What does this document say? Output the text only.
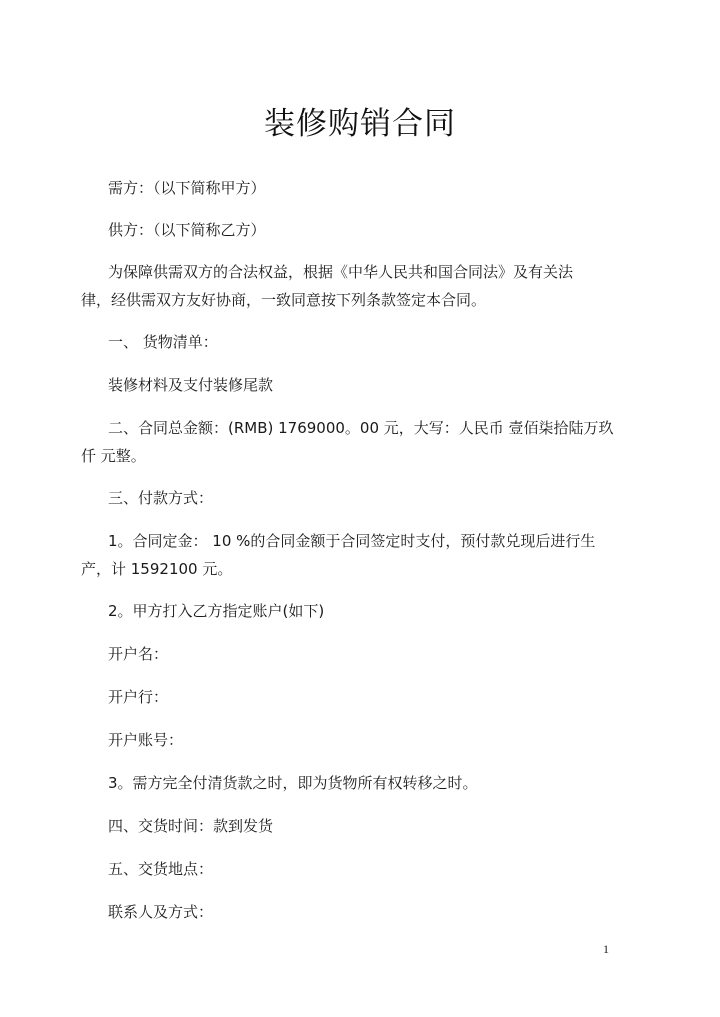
装修购销合同
需方：（以下简称甲方）
供方：（以下简称乙方）
为保障供需双方的合法权益，根据《中华人民共和国合同法》及有关法
律，经供需双方友好协商，一致同意按下列条款签定本合同。
一、 货物清单：
装修材料及支付装修尾款
二、合同总金额：(RMB) 1769000。00 元，大写：人民币 壹佰柒拾陆万玖
仟 元整。
三、付款方式：
1。合同定金： 10 %的合同金额于合同签定时支付，预付款兑现后进行生
产，计 1592100 元。
2。甲方打入乙方指定账户(如下)
开户名：
开户行：
开户账号：
3。需方完全付清货款之时，即为货物所有权转移之时。
四、交货时间：款到发货
五、交货地点：
联系人及方式：
1
